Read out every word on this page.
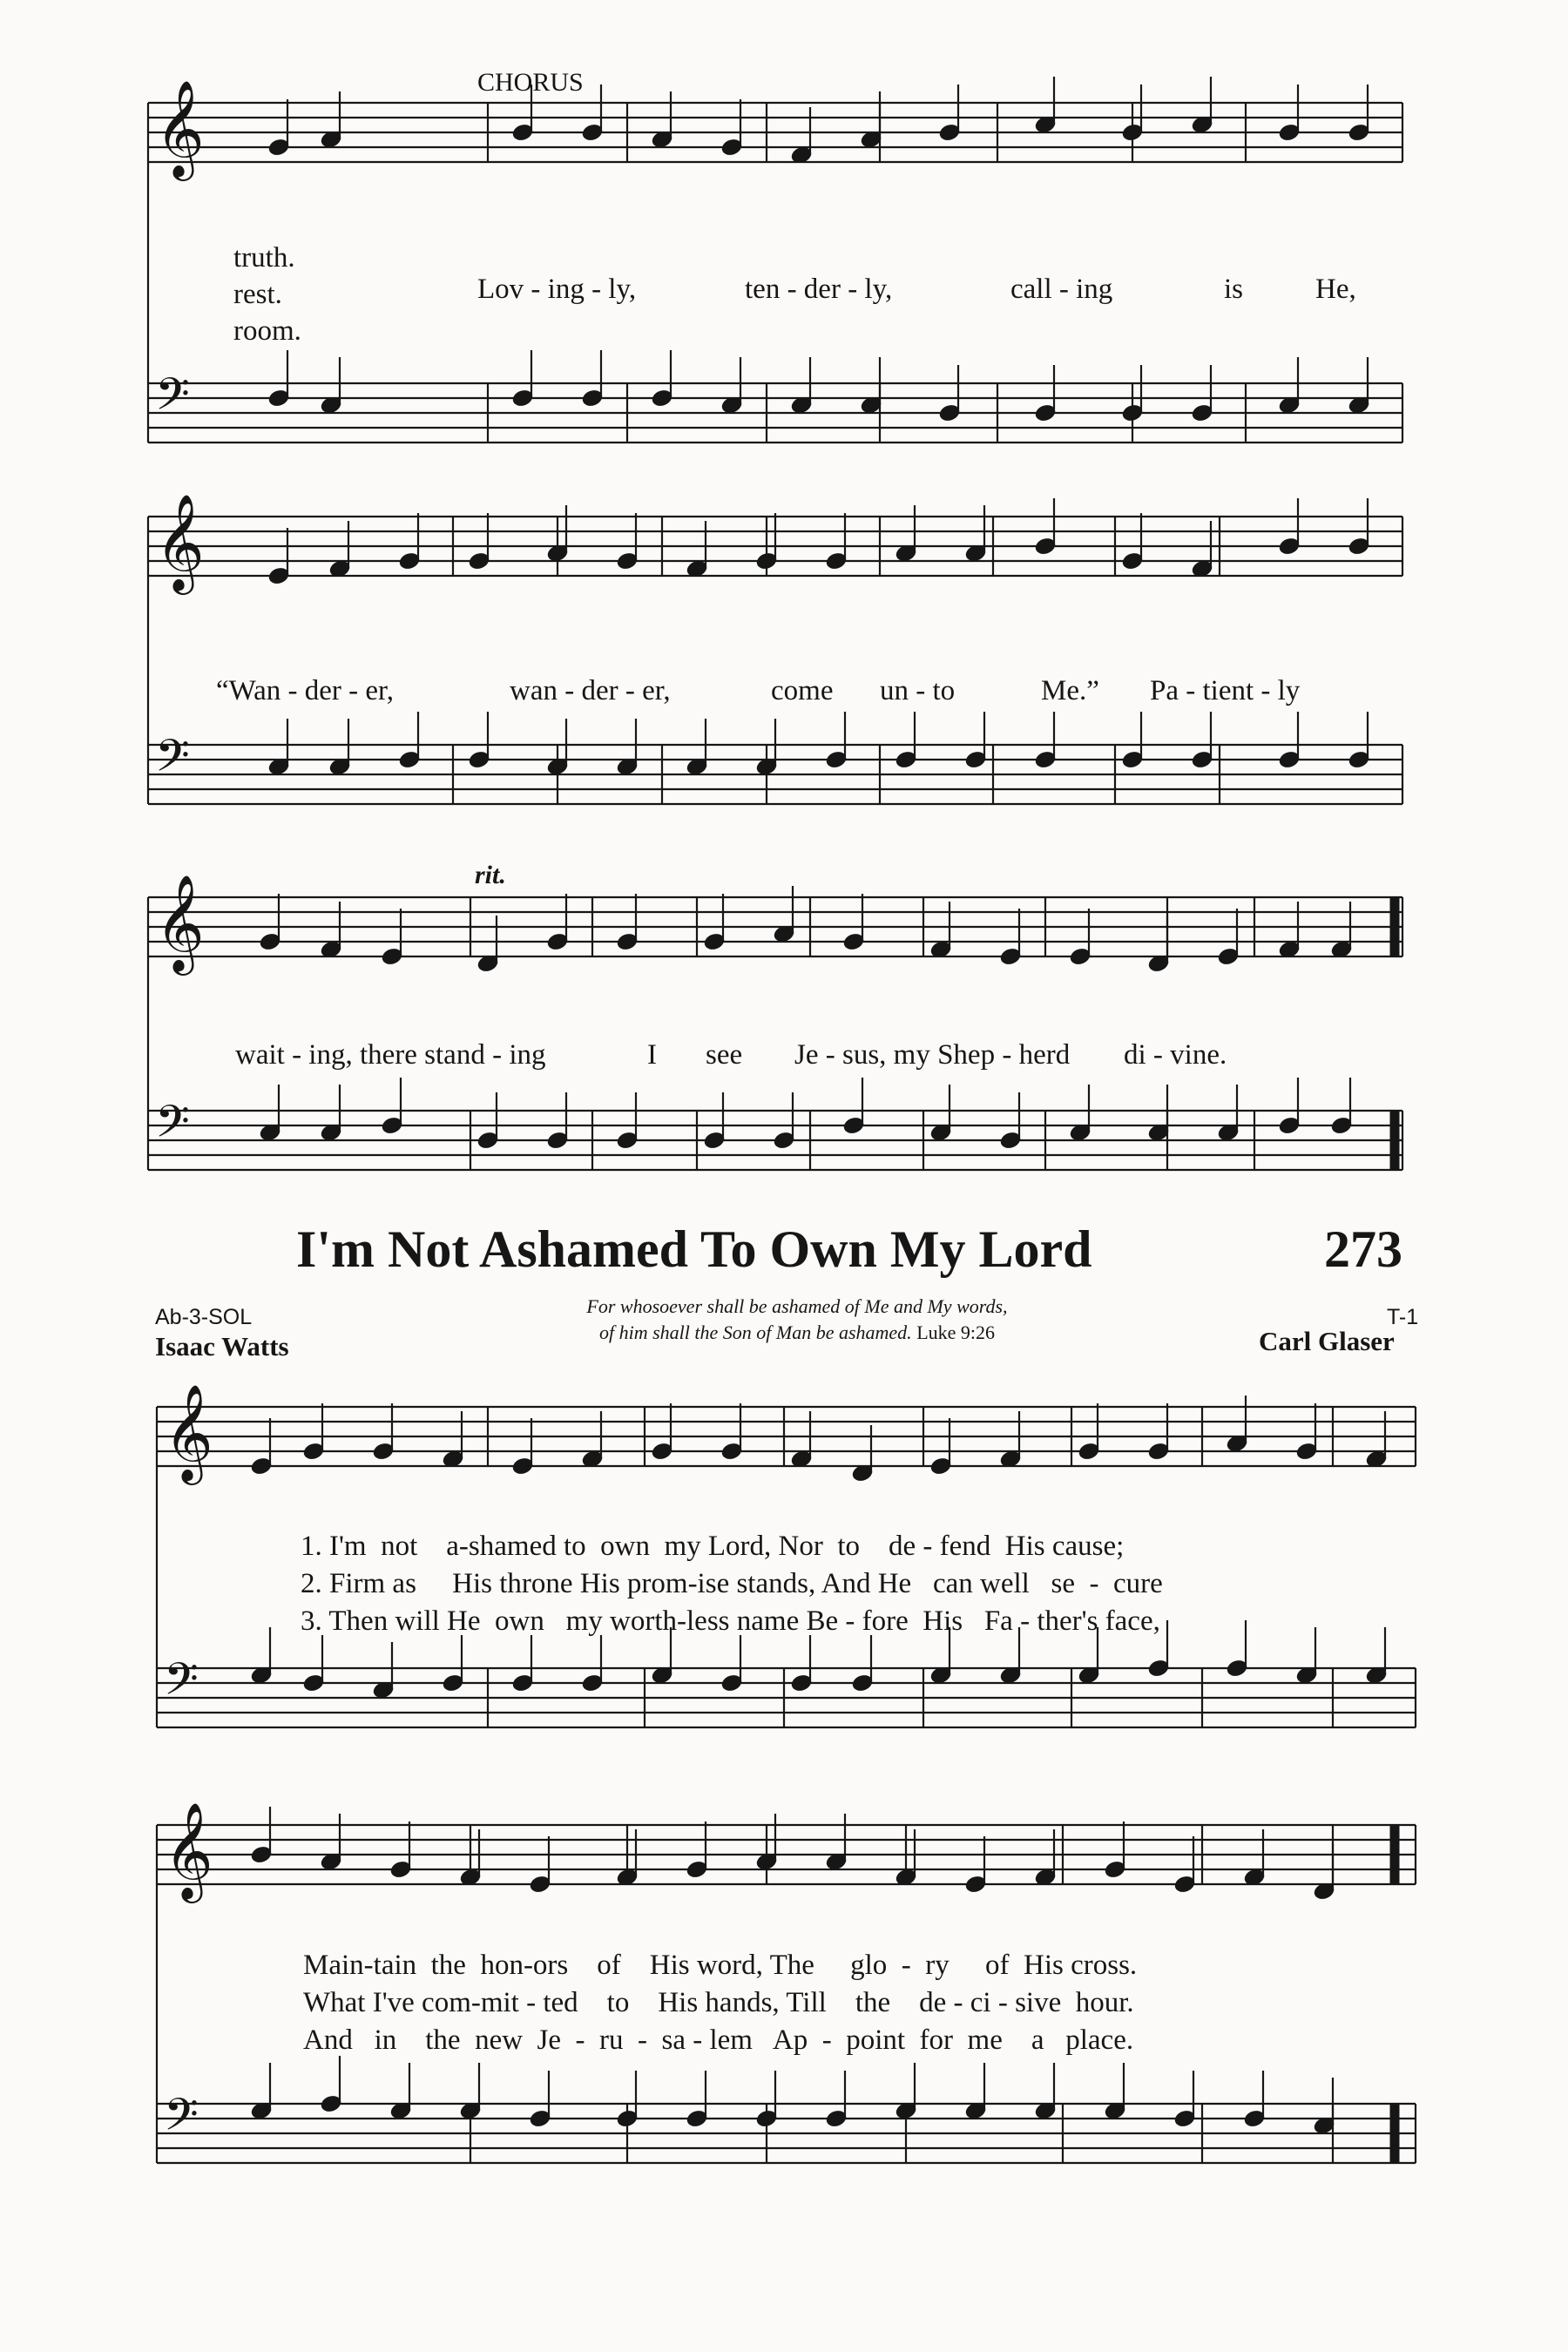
𝄞
𝄢
𝄞
𝄢
𝄞
𝄢
𝄞
𝄢
𝄞
𝄢
CHORUS
truth.
rest.
room.
Lov - ing - ly,	ten - der - ly,	call - ing	is	He,
“Wan - der - er,	wan - der - er,	come un - to	Me.” Pa - tient - ly
rit.
wait - ing, there stand - ing	I see Je - sus, my Shep - herd di - vine.
I'm Not Ashamed To Own My Lord	273
Ab-3-SOL
Isaac Watts
For whosoever shall be ashamed of Me and My words,
of him shall the Son of Man be ashamed. Luke 9:26
T-1
Carl Glaser
1. I'm  not    a-shamed to  own  my Lord, Nor  to    de - fend  His cause;
2. Firm as     His throne His prom-ise stands, And He   can well   se  -  cure
3. Then will He  own   my worth-less name Be - fore  His   Fa - ther's face,
Main-tain  the  hon-ors    of    His word, The     glo  -  ry     of  His cross.
What I've com-mit - ted    to    His hands, Till    the    de - ci - sive  hour.
And   in    the  new  Je  -  ru  -  sa - lem   Ap  -  point  for  me    a   place.
